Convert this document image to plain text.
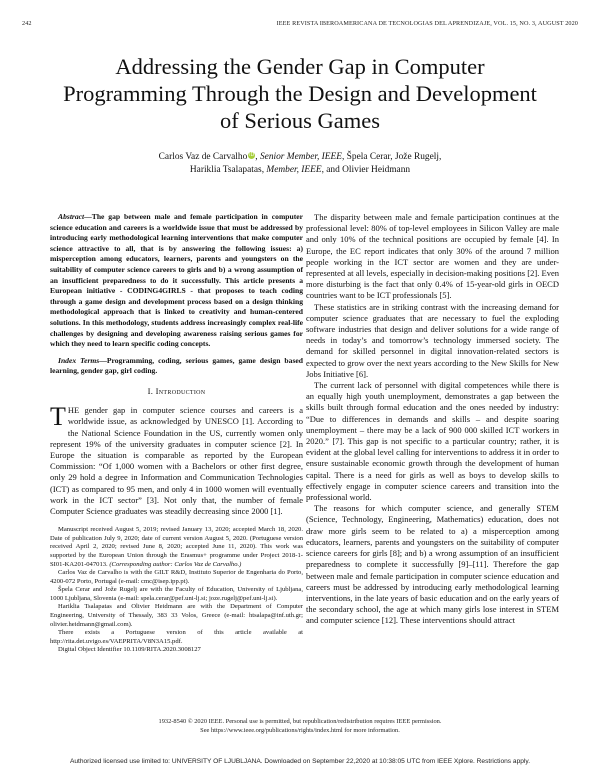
242	IEEE REVISTA IBEROAMERICANA DE TECNOLOGIAS DEL APRENDIZAJE, VOL. 15, NO. 3, AUGUST 2020
Addressing the Gender Gap in Computer Programming Through the Design and Development of Serious Games
Carlos Vaz de Carvalho iD, Senior Member, IEEE, Špela Cerar, Jože Rugelj,
Hariklia Tsalapatas, Member, IEEE, and Olivier Heidmann

Abstract—The gap between male and female participation in computer science education and careers is a worldwide issue that must be addressed by introducing early methodological learning interventions that make computer science attractive to all, that is by answering the following issues: a) misperception among educators, learners, parents and youngsters on the suitability of computer science careers to girls and b) a wrong assumption of an insufficient preparedness to do it successfully. This article presents a European initiative - CODING4GIRLS - that proposes to teach coding through a game design and development process based on a design thinking methodological approach that is linked to creativity and human-centered solutions. In this methodology, students address increasingly complex real-life challenges by designing and developing awareness raising serious games for which they need to learn specific coding concepts.

Index Terms—Programming, coding, serious games, game design based learning, gender gap, girl coding.

I. Introduction

THE gender gap in computer science courses and careers is a worldwide issue, as acknowledged by UNESCO [1]. According to the National Science Foundation in the US, currently women only represent 19% of the university graduates in computer science [2]. In Europe the situation is comparable as reported by the European Commission: “Of 1,000 women with a Bachelors or other first degree, only 29 hold a degree in Information and Communication Technologies (ICT) as compared to 95 men, and only 4 in 1000 women will eventually work in the ICT sector” [3]. Not only that, the number of female Computer Science graduates was steadily decreasing since 2000 [1].

Manuscript received August 5, 2019; revised January 13, 2020; accepted March 18, 2020. Date of publication July 9, 2020; date of current version August 5, 2020. (Portuguese version received April 2, 2020; revised June 8, 2020; accepted June 11, 2020). This work was supported by the European Union through the Erasmus+ programme under Project 2018-1-SI01-KA201-047013. (Corresponding author: Carlos Vaz de Carvalho.)

Carlos Vaz de Carvalho is with the GILT R&D, Instituto Superior de Engenharia do Porto, 4200-072 Porto, Portugal (e-mail: cmc@isep.ipp.pt).

Špela Cerar and Jože Rugelj are with the Faculty of Education, University of Ljubljana, 1000 Ljubljana, Slovenia (e-mail: spela.cerar@pef.uni-lj.si; joze.rugelj@pef.uni-lj.si).

Hariklia Tsalapatas and Olivier Heidmann are with the Department of Computer Engineering, University of Thessaly, 383 33 Volos, Greece (e-mail: htsalapa@inf.uth.gr; olivier.heidmann@gmail.com).

There exists a Portuguese version of this article available at http://rita.det.uvigo.es/VAEPRITA/V8N3A15.pdf.

Digital Object Identifier 10.1109/RITA.2020.3008127

The disparity between male and female participation continues at the professional level: 80% of top-level employees in Silicon Valley are male and only 10% of the technical positions are occupied by female [4]. In Europe, the EC report indicates that only 30% of the around 7 million people working in the ICT sector are women and they are under-represented at all levels, especially in decision-making positions [2]. Even more disturbing is the fact that only 0.4% of 15-year-old girls in OECD countries want to be ICT professionals [5].

These statistics are in striking contrast with the increasing demand for computer science graduates that are necessary to fuel the exploding software industries that design and deliver solutions for a wide range of needs in today’s and tomorrow’s technology immersed society. The demand for skilled personnel in digital innovation-related sectors is expected to grow over the next years according to the New Skills for New Jobs Initiative [6].

The current lack of personnel with digital competences while there is an equally high youth unemployment, demonstrates a gap between the skills built through formal education and the ones needed by industry: “Due to differences in demands and skills – and despite soaring unemployment – there may be a lack of 900 000 skilled ICT workers in 2020.” [7]. This gap is not specific to a particular country; rather, it is evident at the global level calling for interventions to address it in order to ensure sustainable economic growth through the development of human capital. There is a need for girls as well as boys to develop skills to effectively engage in computer science careers and transition into the professional world.

The reasons for which computer science, and generally STEM (Science, Technology, Engineering, Mathematics) education, does not draw more girls seem to be related to a) a misperception among educators, learners, parents and youngsters on the suitability of computer science careers for girls [8]; and b) a wrong assumption of an insufficient preparedness to complete it successfully [9]–[11]. Therefore the gap between male and female participation in computer science education and careers must be addressed by introducing early methodological learning interventions, in the late years of basic education and on the early years of the secondary school, the age at which many girls lose interest in STEM and computer science [12]. These interventions should attract

1932-8540 © 2020 IEEE. Personal use is permitted, but republication/redistribution requires IEEE permission.
See https://www.ieee.org/publications/rights/index.html for more information.
Authorized licensed use limited to: UNIVERSITY OF LJUBLJANA. Downloaded on September 22,2020 at 10:38:05 UTC from IEEE Xplore. Restrictions apply.
